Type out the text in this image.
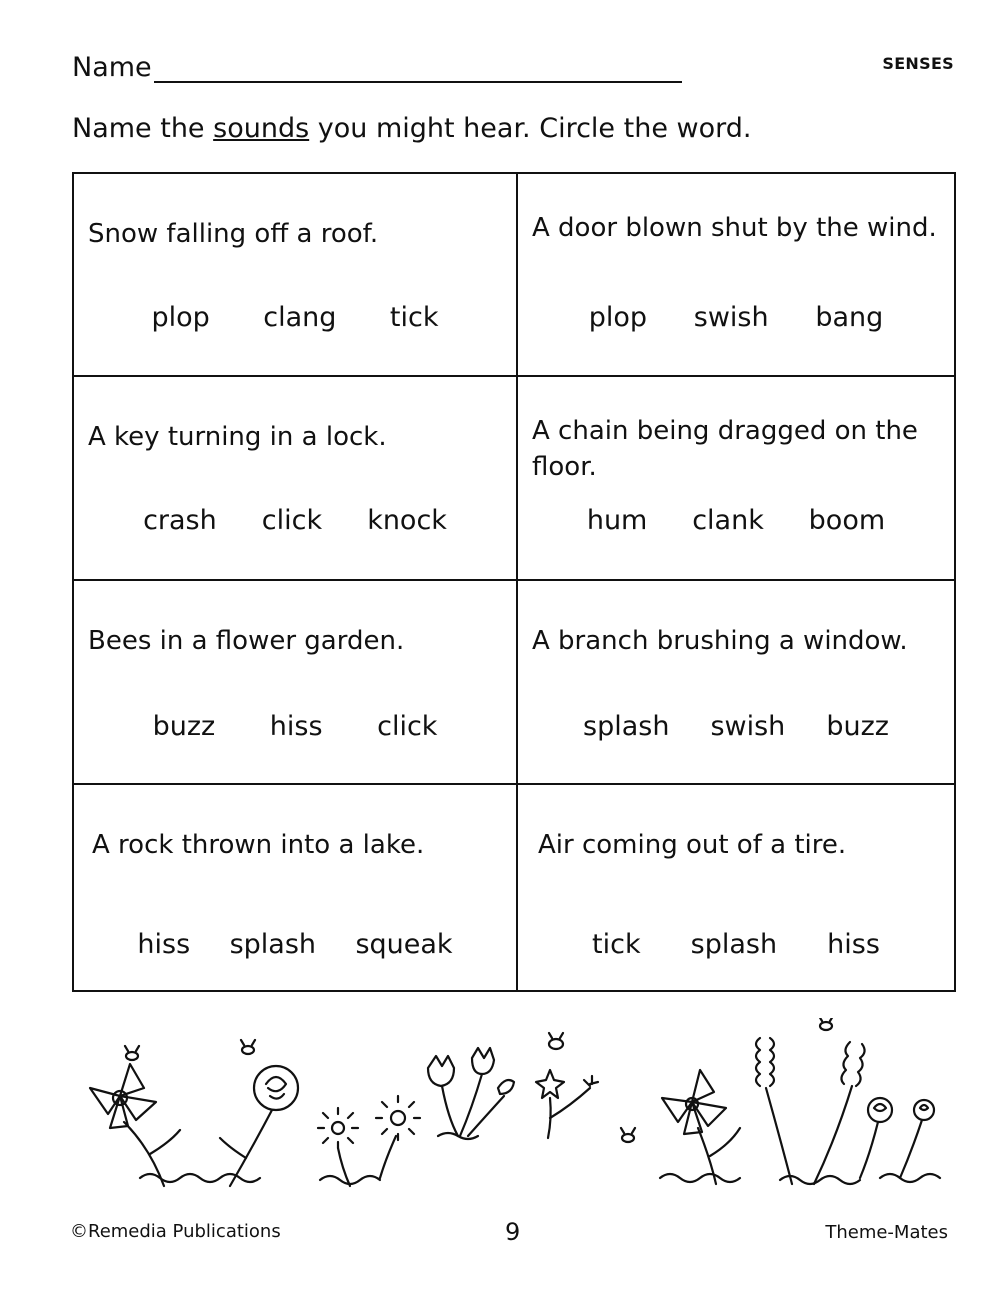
Name	SENSES
Name the sounds you might hear. Circle the word.
Snow falling off a roof.
plop clang tick
A door blown shut by the wind.
plop swish bang
A key turning in a lock.
crash click knock
A chain being dragged on the floor.
hum clank boom
Bees in a flower garden.
buzz hiss click
A branch brushing a window.
splash swish buzz
A rock thrown into a lake.
hiss splash squeak
Air coming out of a tire.
tick splash hiss
©Remedia Publications	9	Theme-Mates
